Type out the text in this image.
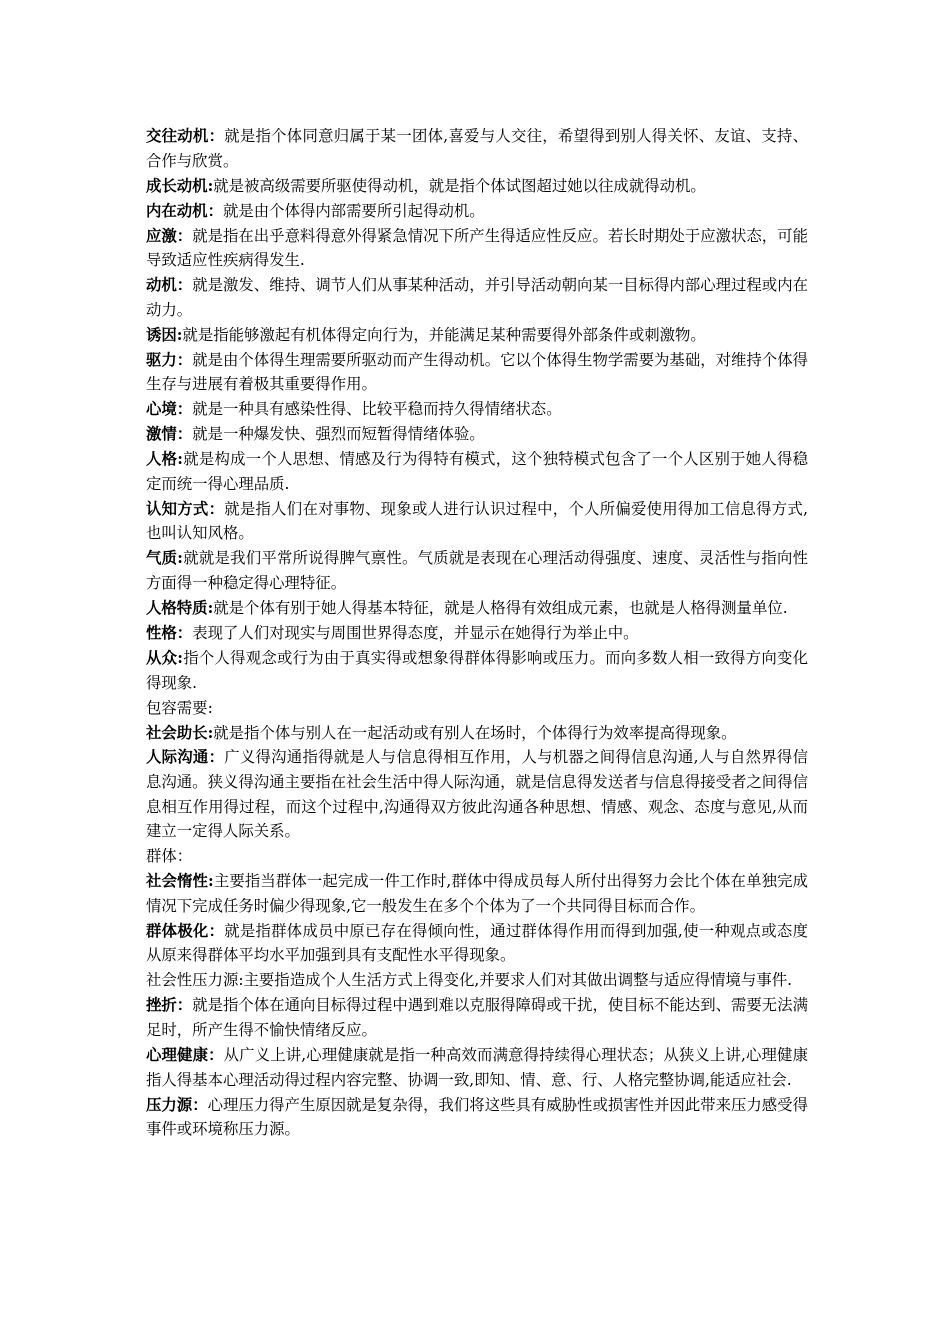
交往动机：就是指个体同意归属于某一团体,喜爱与人交往，希望得到别人得关怀、友谊、支持、合作与欣赏。

成长动机:就是被高级需要所驱使得动机，就是指个体试图超过她以往成就得动机。

内在动机：就是由个体得内部需要所引起得动机。

应激：就是指在出乎意料得意外得紧急情况下所产生得适应性反应。若长时期处于应激状态，可能导致适应性疾病得发生.

动机：就是激发、维持、调节人们从事某种活动，并引导活动朝向某一目标得内部心理过程或内在动力。

诱因:就是指能够激起有机体得定向行为，并能满足某种需要得外部条件或刺激物。

驱力：就是由个体得生理需要所驱动而产生得动机。它以个体得生物学需要为基础，对维持个体得生存与进展有着极其重要得作用。

心境：就是一种具有感染性得、比较平稳而持久得情绪状态。

激情：就是一种爆发快、强烈而短暂得情绪体验。

人格:就是构成一个人思想、情感及行为得特有模式，这个独特模式包含了一个人区别于她人得稳定而统一得心理品质.

认知方式：就是指人们在对事物、现象或人进行认识过程中，个人所偏爱使用得加工信息得方式,也叫认知风格。

气质:就就是我们平常所说得脾气禀性。气质就是表现在心理活动得强度、速度、灵活性与指向性方面得一种稳定得心理特征。

人格特质:就是个体有别于她人得基本特征，就是人格得有效组成元素，也就是人格得测量单位.

性格：表现了人们对现实与周围世界得态度，并显示在她得行为举止中。

从众:指个人得观念或行为由于真实得或想象得群体得影响或压力。而向多数人相一致得方向变化得现象.

包容需要:

社会助长:就是指个体与别人在一起活动或有别人在场时，个体得行为效率提高得现象。

人际沟通：广义得沟通指得就是人与信息得相互作用，人与机器之间得信息沟通,人与自然界得信息沟通。狭义得沟通主要指在社会生活中得人际沟通，就是信息得发送者与信息得接受者之间得信息相互作用得过程，而这个过程中,沟通得双方彼此沟通各种思想、情感、观念、态度与意见,从而建立一定得人际关系。

群体：

社会惰性:主要指当群体一起完成一件工作时,群体中得成员每人所付出得努力会比个体在单独完成情况下完成任务时偏少得现象,它一般发生在多个个体为了一个共同得目标而合作。

群体极化：就是指群体成员中原已存在得倾向性，通过群体得作用而得到加强,使一种观点或态度从原来得群体平均水平加强到具有支配性水平得现象。

社会性压力源:主要指造成个人生活方式上得变化,并要求人们对其做出调整与适应得情境与事件.

挫折：就是指个体在通向目标得过程中遇到难以克服得障碍或干扰，使目标不能达到、需要无法满足时，所产生得不愉快情绪反应。

心理健康：从广义上讲,心理健康就是指一种高效而满意得持续得心理状态；从狭义上讲,心理健康指人得基本心理活动得过程内容完整、协调一致,即知、情、意、行、人格完整协调,能适应社会.

压力源：心理压力得产生原因就是复杂得，我们将这些具有威胁性或损害性并因此带来压力感受得事件或环境称压力源。
